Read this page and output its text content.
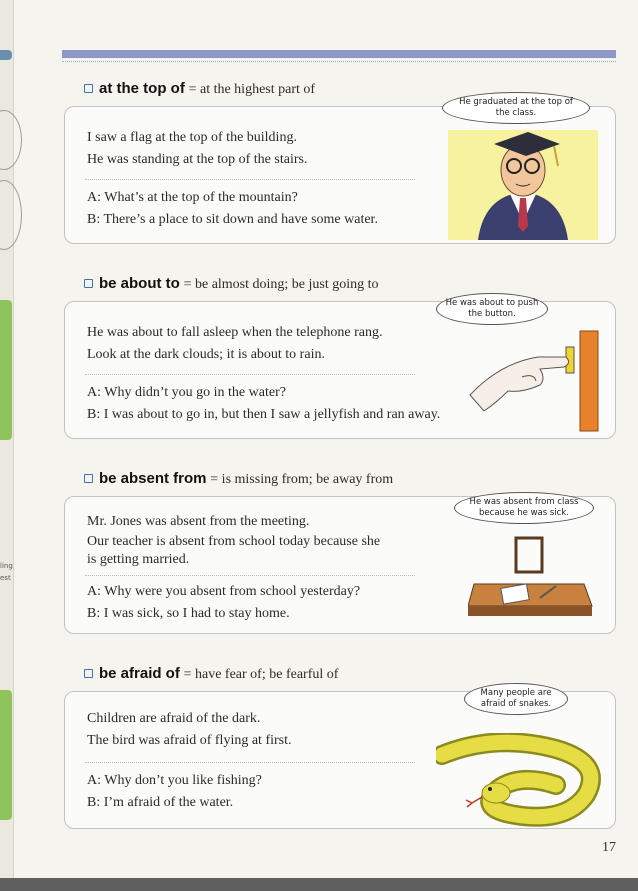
ling
est
at the top of = at the highest part of
I saw a flag at the top of the building.
He was standing at the top of the stairs.
A: What’s at the top of the mountain?
B: There’s a place to sit down and have some water.
He graduated at the top of the class.
be about to = be almost doing; be just going to
He was about to fall asleep when the telephone rang.
Look at the dark clouds; it is about to rain.
A: Why didn’t you go in the water?
B: I was about to go in, but then I saw a jellyfish and ran away.
He was about to push the button.
be absent from = is missing from; be away from
Mr. Jones was absent from the meeting.
Our teacher is absent from school today because she is getting married.
A: Why were you absent from school yesterday?
B: I was sick, so I had to stay home.
He was absent from class because he was sick.
be afraid of = have fear of; be fearful of
Children are afraid of the dark.
The bird was afraid of flying at first.
A: Why don’t you like fishing?
B: I’m afraid of the water.
Many people are afraid of snakes.
17
